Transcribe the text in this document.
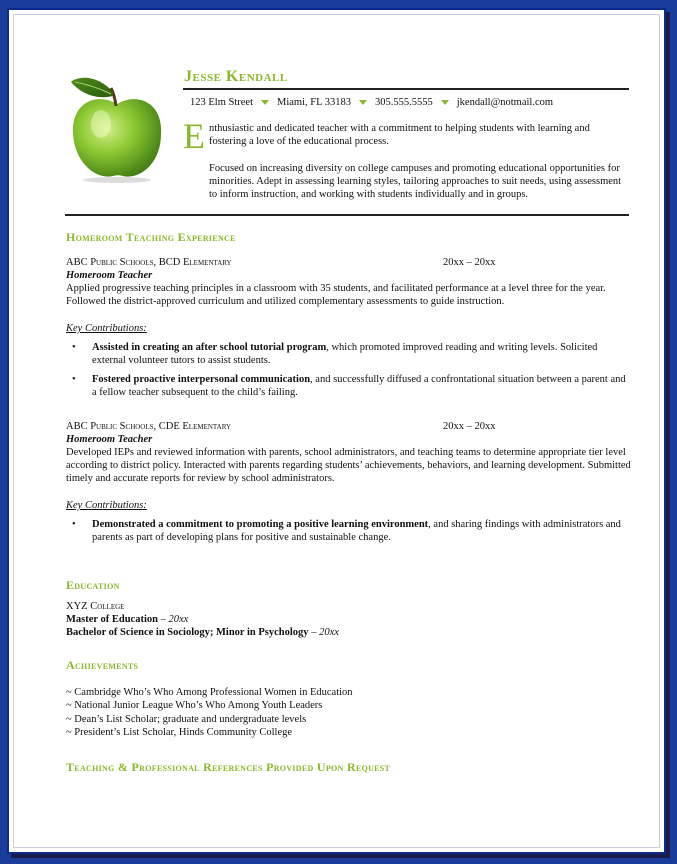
Jesse Kendall
123 Elm Street Miami, FL 33183 305.555.5555 jkendall@notmail.com
E nthusiastic and dedicated teacher with a commitment to helping students with learning and fostering a love of the educational process.
Focused on increasing diversity on college campuses and promoting educational opportunities for minorities. Adept in assessing learning styles, tailoring approaches to suit needs, using assessment to inform instruction, and working with students individually and in groups.
Homeroom Teaching Experience
ABC Public Schools, BCD Elementary	20xx – 20xx
Homeroom Teacher
Applied progressive teaching principles in a classroom with 35 students, and facilitated performance at a level three for the year. Followed the district-approved curriculum and utilized complementary assessments to guide instruction.
Key Contributions:
• Assisted in creating an after school tutorial program, which promoted improved reading and writing levels. Solicited external volunteer tutors to assist students.
• Fostered proactive interpersonal communication, and successfully diffused a confrontational situation between a parent and a fellow teacher subsequent to the child’s failing.
ABC Public Schools, CDE Elementary	20xx – 20xx
Homeroom Teacher
Developed IEPs and reviewed information with parents, school administrators, and teaching teams to determine appropriate tier level according to district policy. Interacted with parents regarding students’ achievements, behaviors, and learning development. Submitted timely and accurate reports for review by school administrators.
Key Contributions:
• Demonstrated a commitment to promoting a positive learning environment, and sharing findings with administrators and parents as part of developing plans for positive and sustainable change.
Education
XYZ College
Master of Education – 20xx
Bachelor of Science in Sociology; Minor in Psychology – 20xx
Achievements
~ Cambridge Who’s Who Among Professional Women in Education
~ National Junior League Who’s Who Among Youth Leaders
~ Dean’s List Scholar; graduate and undergraduate levels
~ President’s List Scholar, Hinds Community College
Teaching & Professional References Provided Upon Request
